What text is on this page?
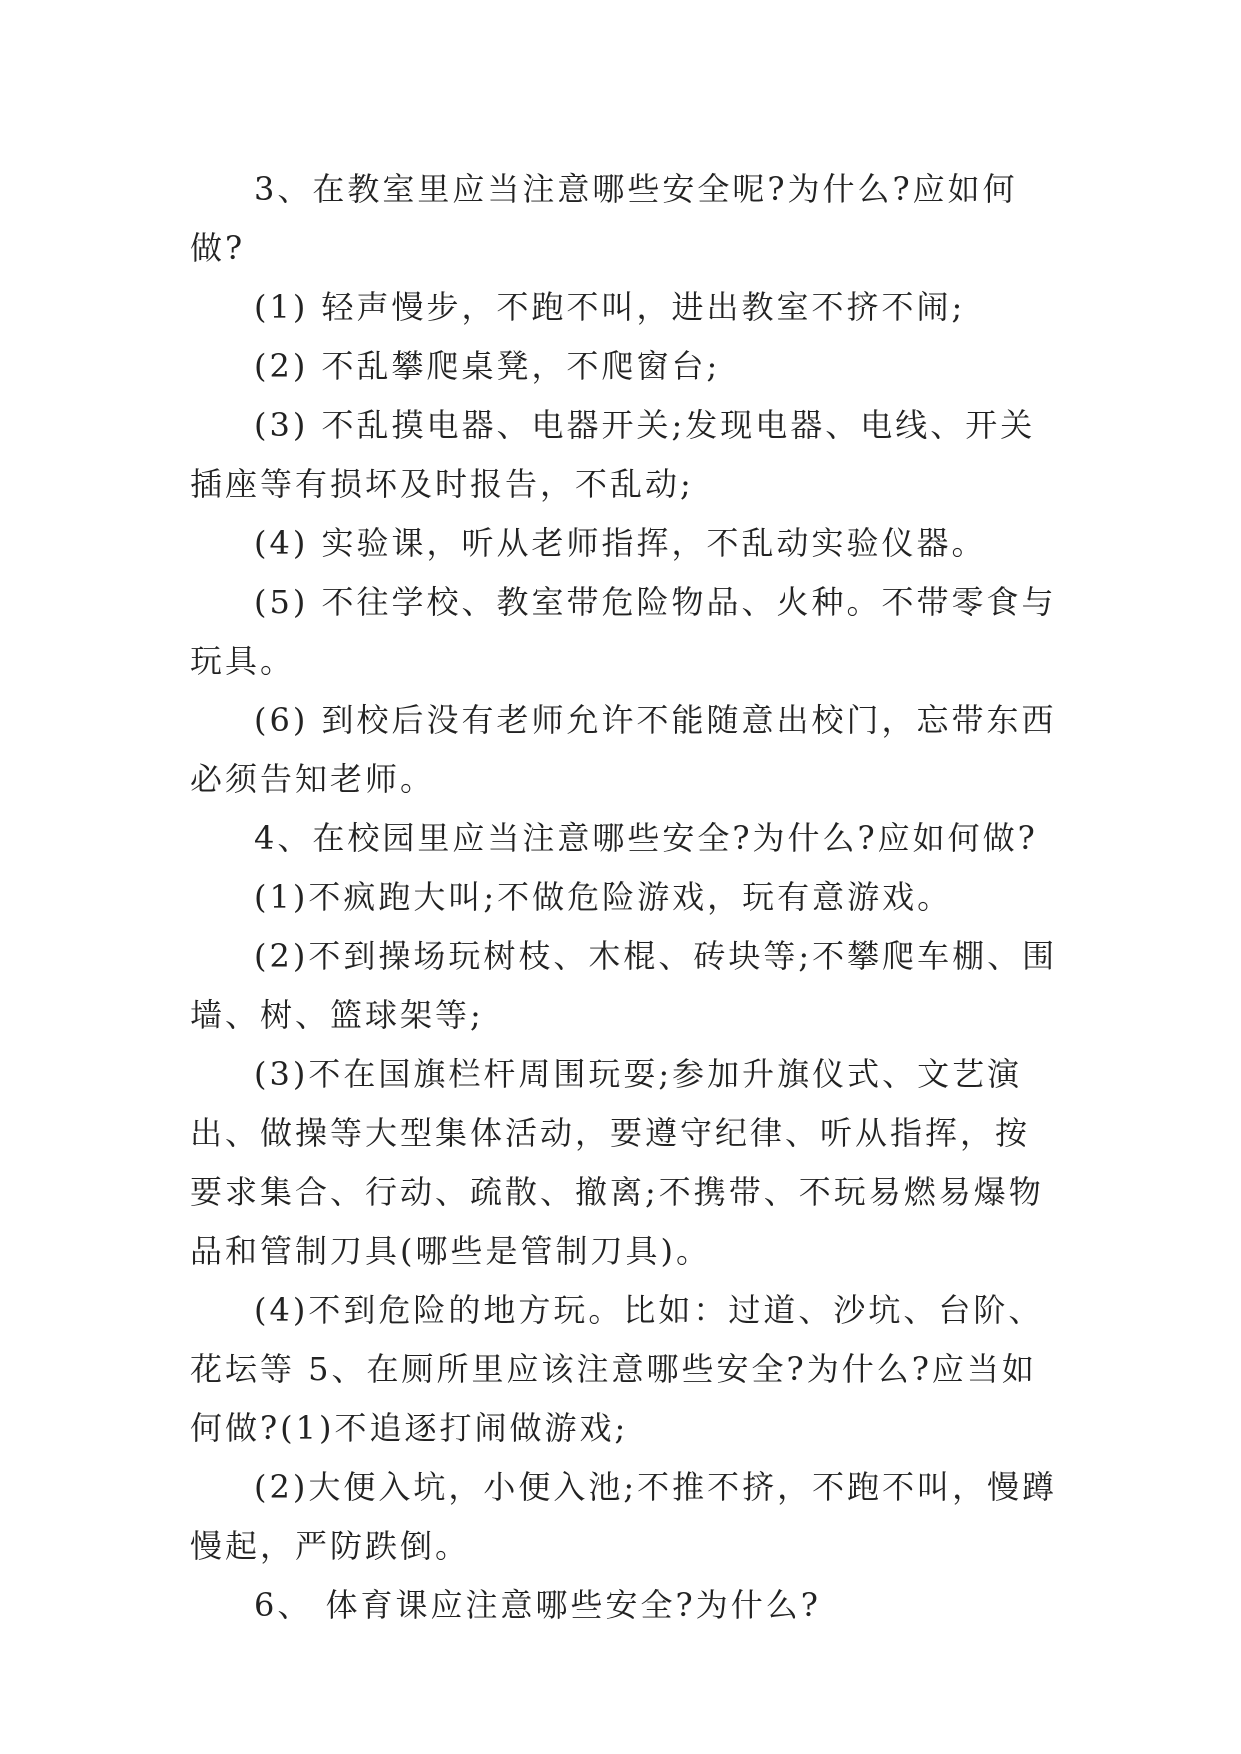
3、在教室里应当注意哪些安全呢?为什么?应如何做?

(1) 轻声慢步，不跑不叫，进出教室不挤不闹;

(2) 不乱攀爬桌凳，不爬窗台;

(3) 不乱摸电器、电器开关;发现电器、电线、开关插座等有损坏及时报告，不乱动;

(4) 实验课，听从老师指挥，不乱动实验仪器。

(5) 不往学校、教室带危险物品、火种。不带零食与玩具。

(6) 到校后没有老师允许不能随意出校门，忘带东西必须告知老师。

4、在校园里应当注意哪些安全?为什么?应如何做?

(1)不疯跑大叫;不做危险游戏，玩有意游戏。

(2)不到操场玩树枝、木棍、砖块等;不攀爬车棚、围墙、树、篮球架等;

(3)不在国旗栏杆周围玩耍;参加升旗仪式、文艺演出、做操等大型集体活动，要遵守纪律、听从指挥，按要求集合、行动、疏散、撤离;不携带、不玩易燃易爆物品和管制刀具(哪些是管制刀具)。

(4)不到危险的地方玩。比如：过道、沙坑、台阶、花坛等 5、在厕所里应该注意哪些安全?为什么?应当如何做?(1)不追逐打闹做游戏;

(2)大便入坑，小便入池;不推不挤，不跑不叫，慢蹲慢起，严防跌倒。

6、 体育课应注意哪些安全?为什么?
